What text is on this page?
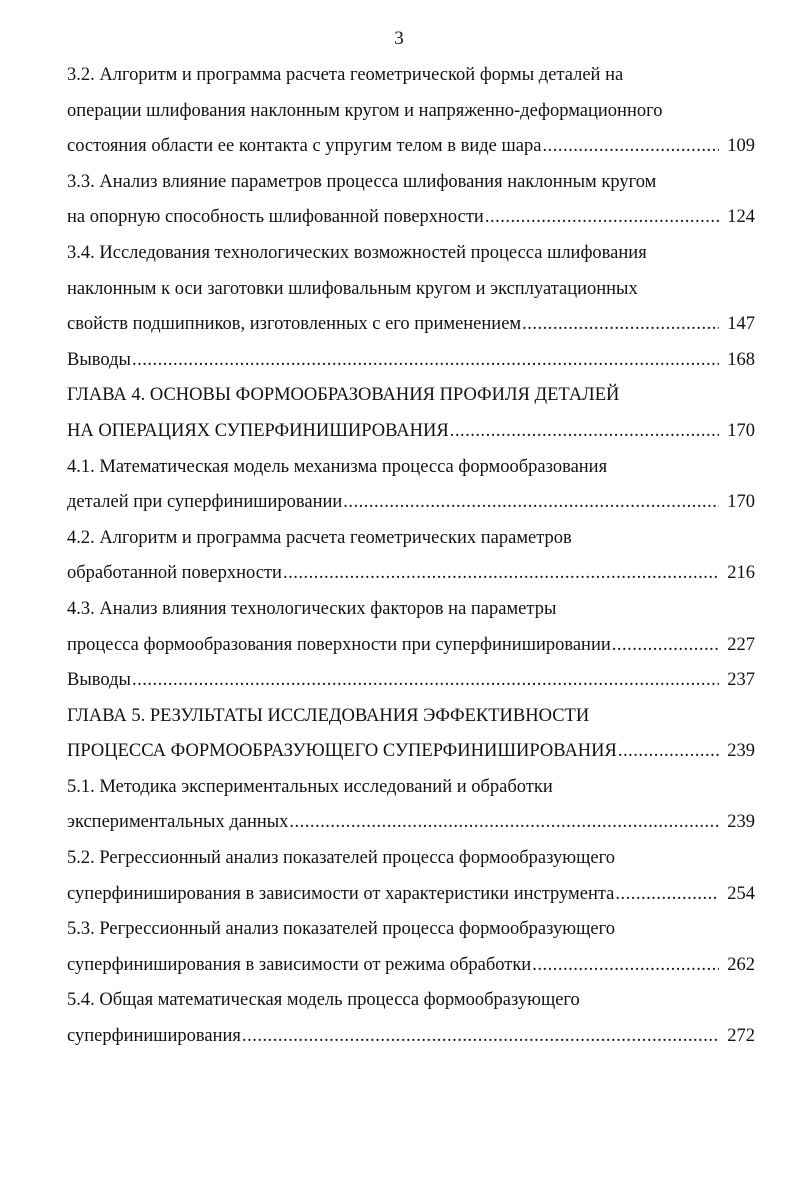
3
3.2. Алгоритм и программа расчета геометрической формы деталей на
операции шлифования наклонным кругом и напряженно-деформационного
состояния области ее контакта с упругим телом в виде шара .....	109
3.3. Анализ влияние параметров процесса шлифования наклонным кругом
на опорную способность шлифованной поверхности .....	124
3.4. Исследования технологических возможностей процесса шлифования
наклонным к оси заготовки шлифовальным кругом и эксплуатационных
свойств подшипников, изготовленных с его применением .....	147
Выводы .....	168
ГЛАВА 4. ОСНОВЫ ФОРМООБРАЗОВАНИЯ ПРОФИЛЯ ДЕТАЛЕЙ
НА ОПЕРАЦИЯХ СУПЕРФИНИШИРОВАНИЯ .....	170
4.1. Математическая модель механизма процесса формообразования
деталей при суперфинишировании .....	170
4.2. Алгоритм и программа расчета геометрических параметров
обработанной поверхности .....	216
4.3. Анализ влияния технологических факторов на параметры
процесса формообразования поверхности при суперфинишировании .....	227
Выводы .....	237
ГЛАВА 5. РЕЗУЛЬТАТЫ ИССЛЕДОВАНИЯ ЭФФЕКТИВНОСТИ
ПРОЦЕССА ФОРМООБРАЗУЮЩЕГО СУПЕРФИНИШИРОВАНИЯ .....	239
5.1. Методика экспериментальных исследований и обработки
экспериментальных данных .....	239
5.2. Регрессионный анализ показателей процесса формообразующего
суперфиниширования в зависимости от характеристики инструмента .....	254
5.3. Регрессионный анализ показателей процесса формообразующего
суперфиниширования в зависимости от режима обработки .....	262
5.4. Общая математическая модель процесса формообразующего
суперфиниширования .....	272
